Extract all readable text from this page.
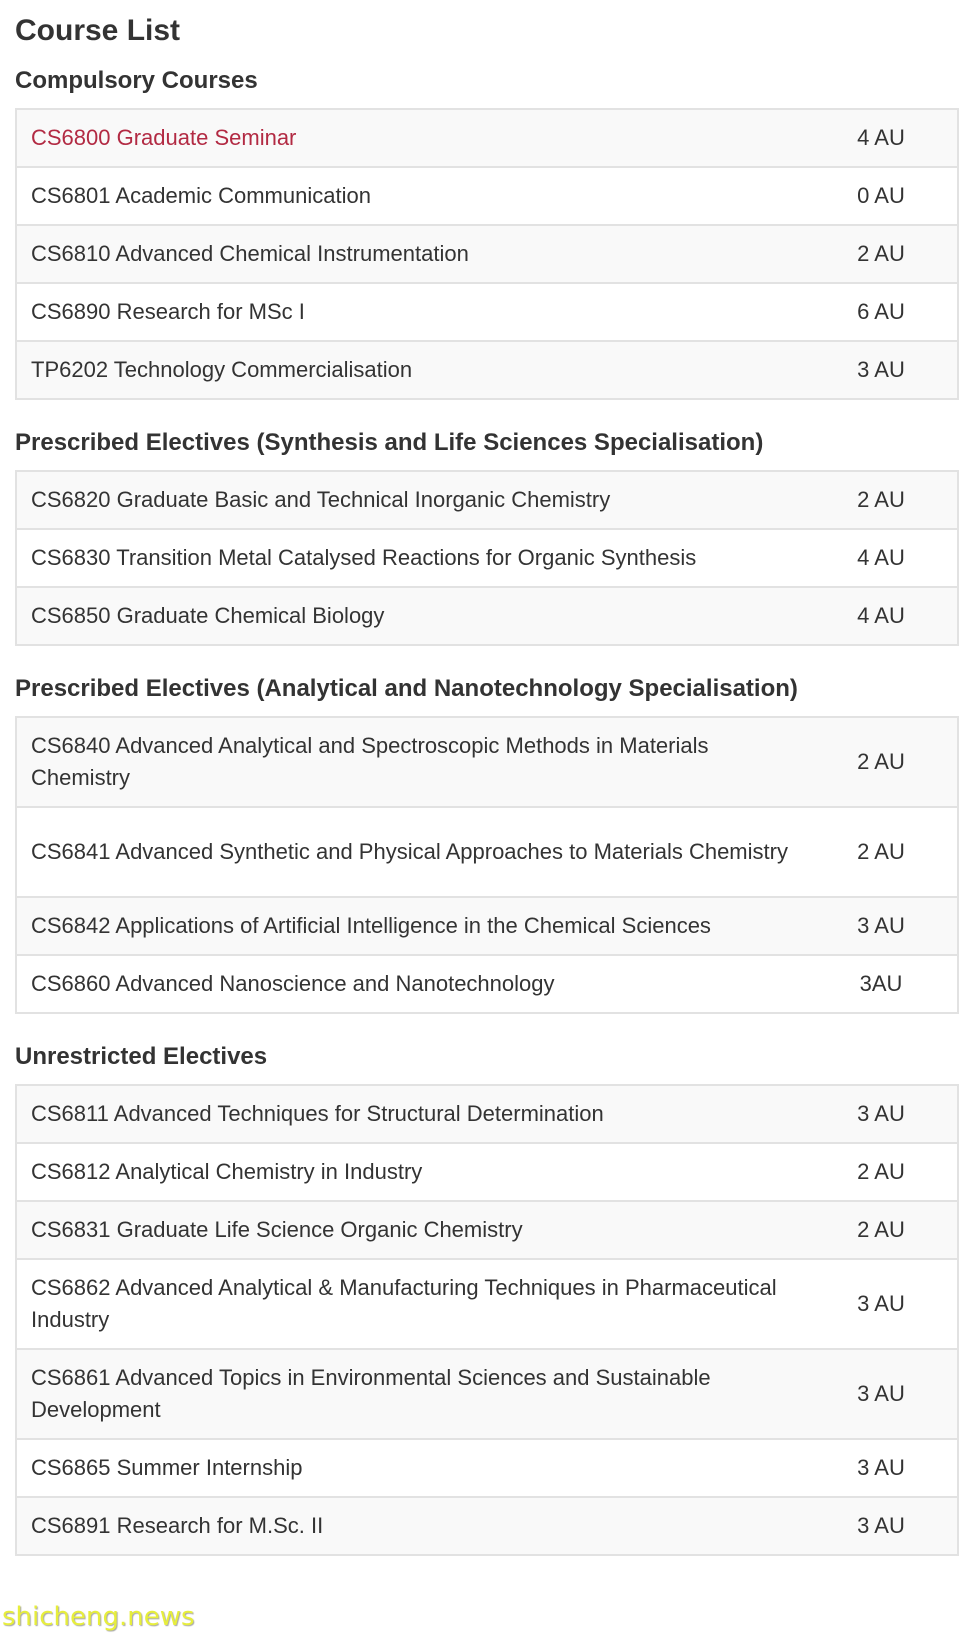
Course List
Compulsory Courses
CS6800 Graduate Seminar	4 AU
CS6801 Academic Communication	0 AU
CS6810 Advanced Chemical Instrumentation	2 AU
CS6890 Research for MSc I	6 AU
TP6202 Technology Commercialisation	3 AU
Prescribed Electives (Synthesis and Life Sciences Specialisation)
CS6820 Graduate Basic and Technical Inorganic Chemistry	2 AU
CS6830 Transition Metal Catalysed Reactions for Organic Synthesis	4 AU
CS6850 Graduate Chemical Biology	4 AU
Prescribed Electives (Analytical and Nanotechnology Specialisation)
CS6840 Advanced Analytical and Spectroscopic Methods in Materials Chemistry	2 AU
CS6841 Advanced Synthetic and Physical Approaches to Materials Chemistry	2 AU
CS6842 Applications of Artificial Intelligence in the Chemical Sciences	3 AU
CS6860 Advanced Nanoscience and Nanotechnology	3AU
Unrestricted Electives
CS6811 Advanced Techniques for Structural Determination	3 AU
CS6812 Analytical Chemistry in Industry	2 AU
CS6831 Graduate Life Science Organic Chemistry	2 AU
CS6862 Advanced Analytical & Manufacturing Techniques in Pharmaceutical Industry	3 AU
CS6861 Advanced Topics in Environmental Sciences and Sustainable Development	3 AU
CS6865 Summer Internship	3 AU
CS6891 Research for M.Sc. II	3 AU
shicheng.news
